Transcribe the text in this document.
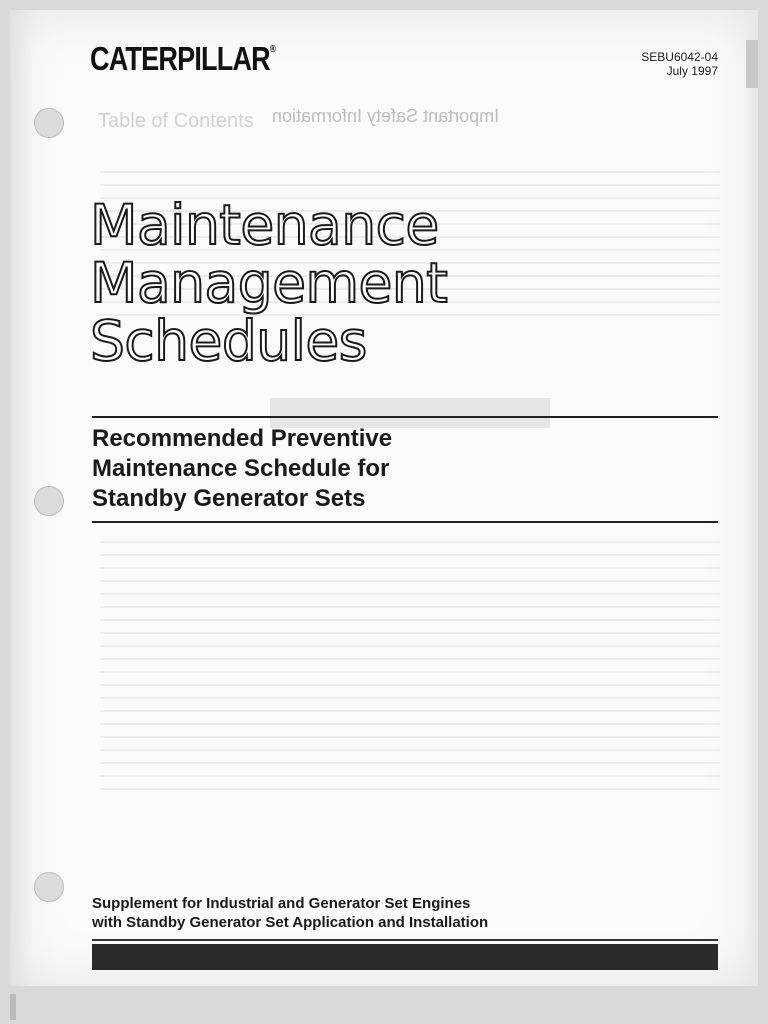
CATERPILLAR®
SEBU6042-04
July 1997
Table of Contents Important Safety Information
Maintenance
Management
Schedules
Recommended Preventive
Maintenance Schedule for
Standby Generator Sets
Supplement for Industrial and Generator Set Engines
with Standby Generator Set Application and Installation
